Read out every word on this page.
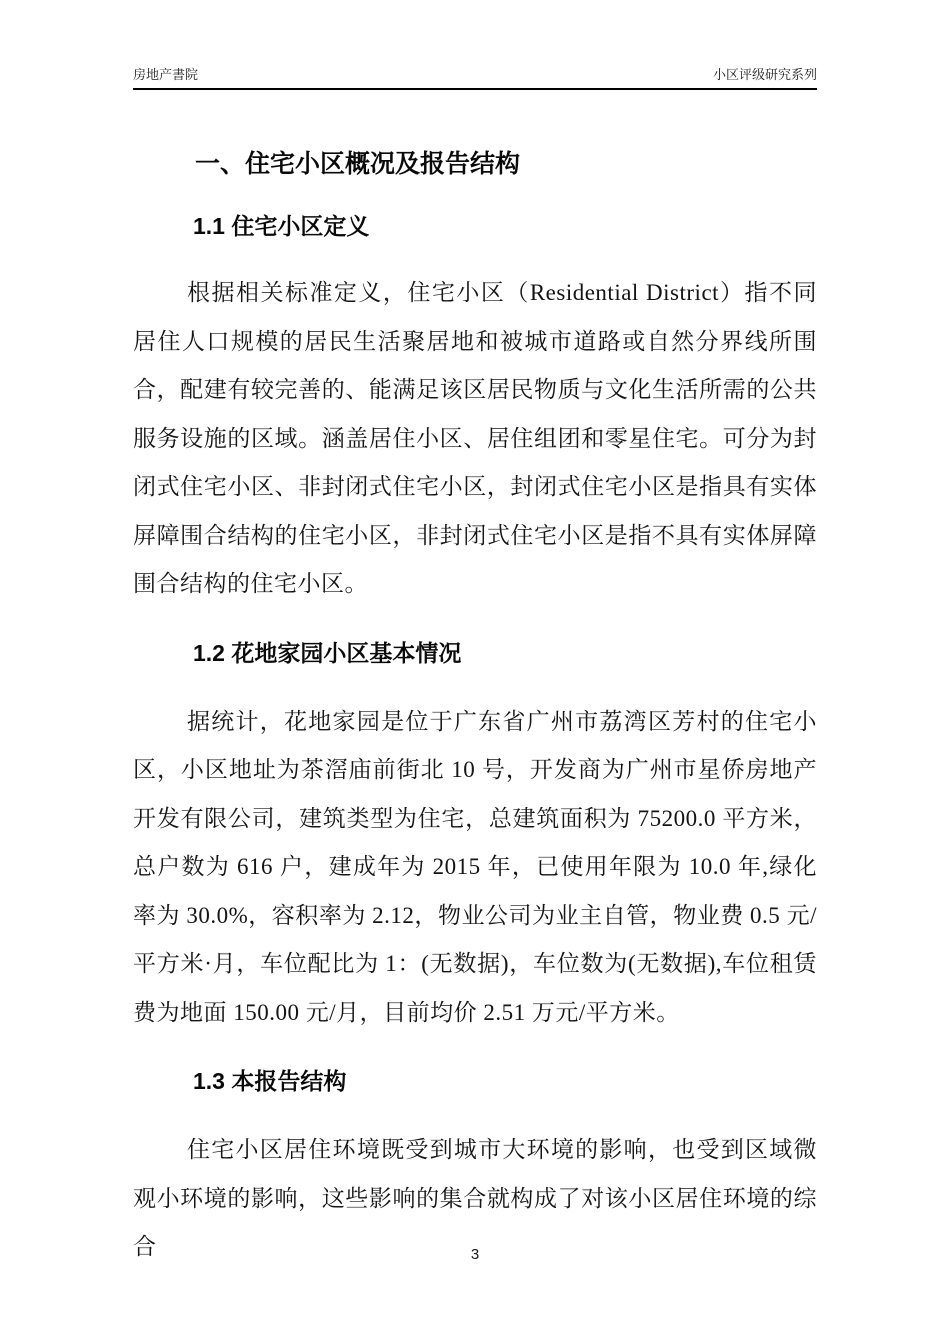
房地产書院	小区评级研究系列
一、住宅小区概况及报告结构
1.1 住宅小区定义

根据相关标准定义，住宅小区（Residential District）指不同居住人口规模的居民生活聚居地和被城市道路或自然分界线所围合，配建有较完善的、能满足该区居民物质与文化生活所需的公共服务设施的区域。涵盖居住小区、居住组团和零星住宅。可分为封闭式住宅小区、非封闭式住宅小区，封闭式住宅小区是指具有实体屏障围合结构的住宅小区，非封闭式住宅小区是指不具有实体屏障围合结构的住宅小区。

1.2 花地家园小区基本情况

据统计，花地家园是位于广东省广州市荔湾区芳村的住宅小区，小区地址为茶滘庙前街北 10 号，开发商为广州市星侨房地产开发有限公司，建筑类型为住宅，总建筑面积为 75200.0 平方米，总户数为 616 户，建成年为 2015 年，已使用年限为 10.0 年,绿化率为 30.0%，容积率为 2.12，物业公司为业主自管，物业费 0.5 元/平方米·月，车位配比为 1：(无数据)，车位数为(无数据),车位租赁费为地面 150.00 元/月，目前均价 2.51 万元/平方米。

1.3 本报告结构

住宅小区居住环境既受到城市大环境的影响，也受到区域微观小环境的影响，这些影响的集合就构成了对该小区居住环境的综合	3
